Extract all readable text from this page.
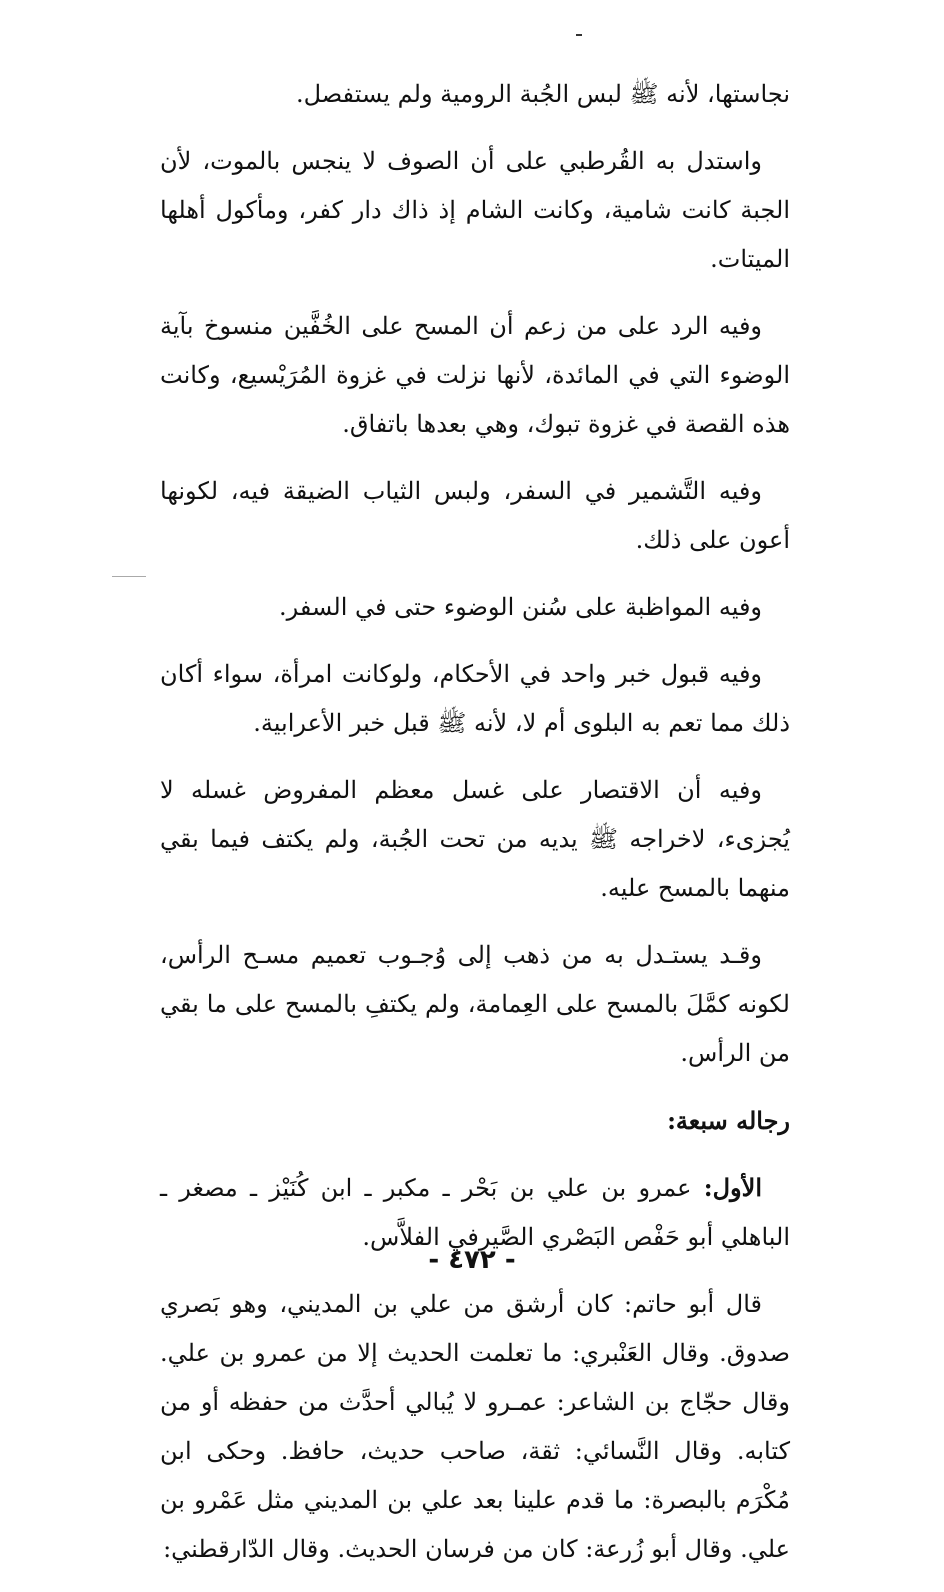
نجاستها، لأنه ﷺ لبس الجُبة الرومية ولم يستفصل.

واستدل به القُرطبي على أن الصوف لا ينجس بالموت، لأن الجبة كانت شامية، وكانت الشام إذ ذاك دار كفر، ومأكول أهلها الميتات.

وفيه الرد على من زعم أن المسح على الخُفَّين منسوخ بآية الوضوء التي في المائدة، لأنها نزلت في غزوة المُرَيْسيع، وكانت هذه القصة في غزوة تبوك، وهي بعدها باتفاق.

وفيه التَّشمير في السفر، ولبس الثياب الضيقة فيه، لكونها أعون على ذلك.

وفيه المواظبة على سُنن الوضوء حتى في السفر.

وفيه قبول خبر واحد في الأحكام، ولوكانت امرأة، سواء أكان ذلك مما تعم به البلوى أم لا، لأنه ﷺ قبل خبر الأعرابية.

وفيه أن الاقتصار على غسل معظم المفروض غسله لا يُجزىء، لاخراجه ﷺ يديه من تحت الجُبة، ولم يكتف فيما بقي منهما بالمسح عليه.

وقـد يستـدل به من ذهب إلى وُجـوب تعميم مسـح الرأس، لكونه كمَّلَ بالمسح على العِمامة، ولم يكتفِ بالمسح على ما بقي من الرأس.

رجاله سبعة:

الأول: عمرو بن علي بن بَحْر ـ مكبر ـ ابن كُنَيْز ـ مصغر ـ الباهلي أبو حَفْص البَصْري الصَّيرفي الفلاَّس.

قال أبو حاتم: كان أرشق من علي بن المديني، وهو بَصري صدوق. وقال العَنْبري: ما تعلمت الحديث إلا من عمرو بن علي. وقال حجّاج بن الشاعر: عمـرو لا يُبالي أحدَّث من حفظه أو من كتابه. وقال النَّسائي: ثقة، صاحب حديث، حافظ. وحكى ابن مُكْرَم بالبصرة: ما قدم علينا بعد علي بن المديني مثل عَمْرو بن علي. وقال أبو زُرعة: كان من فرسان الحديث. وقال الدّارقطني:

- ٤٧٢ -
